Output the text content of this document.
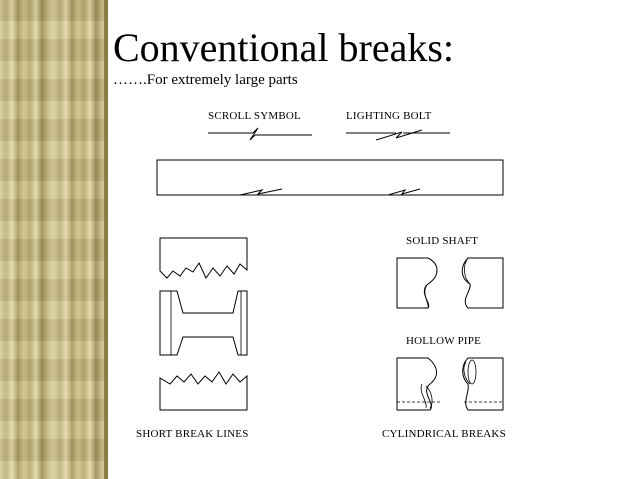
Conventional breaks:
…….For extremely large parts
SCROLL SYMBOL	LIGHTING BOLT
SHORT BREAK LINES
SOLID SHAFT
HOLLOW PIPE
CYLINDRICAL BREAKS
